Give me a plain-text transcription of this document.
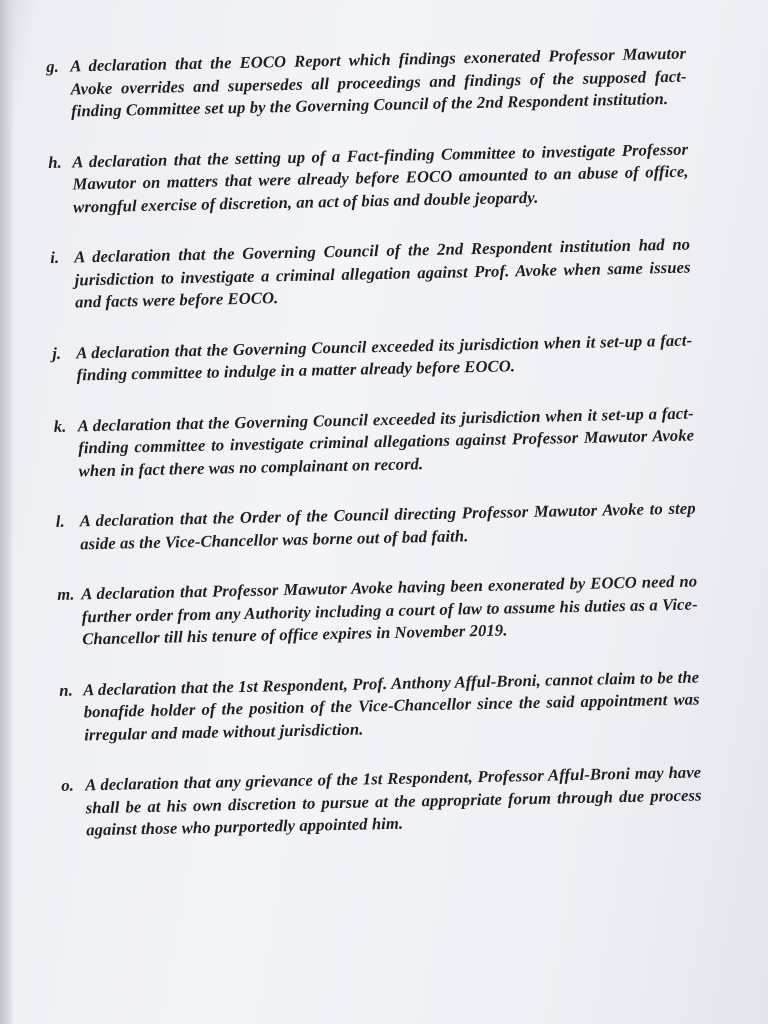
g. A declaration that the EOCO Report which findings exonerated Professor Mawutor Avoke overrides and supersedes all proceedings and findings of the supposed fact-finding Committee set up by the Governing Council of the 2nd Respondent institution.
h. A declaration that the setting up of a Fact-finding Committee to investigate Professor Mawutor on matters that were already before EOCO amounted to an abuse of office, wrongful exercise of discretion, an act of bias and double jeopardy.
i. A declaration that the Governing Council of the 2nd Respondent institution had no jurisdiction to investigate a criminal allegation against Prof. Avoke when same issues and facts were before EOCO.
j. A declaration that the Governing Council exceeded its jurisdiction when it set-up a fact-finding committee to indulge in a matter already before EOCO.
k. A declaration that the Governing Council exceeded its jurisdiction when it set-up a fact-finding committee to investigate criminal allegations against Professor Mawutor Avoke when in fact there was no complainant on record.
l. A declaration that the Order of the Council directing Professor Mawutor Avoke to step aside as the Vice-Chancellor was borne out of bad faith.
m. A declaration that Professor Mawutor Avoke having been exonerated by EOCO need no further order from any Authority including a court of law to assume his duties as a Vice-Chancellor till his tenure of office expires in November 2019.
n. A declaration that the 1st Respondent, Prof. Anthony Afful-Broni, cannot claim to be the bonafide holder of the position of the Vice-Chancellor since the said appointment was irregular and made without jurisdiction.
o. A declaration that any grievance of the 1st Respondent, Professor Afful-Broni may have shall be at his own discretion to pursue at the appropriate forum through due process against those who purportedly appointed him.
